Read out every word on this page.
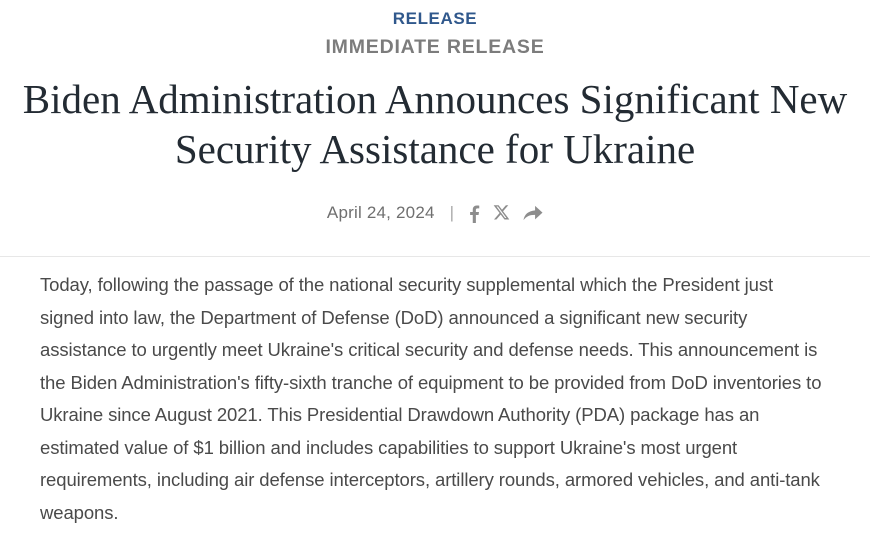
RELEASE
IMMEDIATE RELEASE
Biden Administration Announces Significant New Security Assistance for Ukraine
April 24, 2024 |

Today, following the passage of the national security supplemental which the President just signed into law, the Department of Defense (DoD) announced a significant new security assistance to urgently meet Ukraine's critical security and defense needs. This announcement is the Biden Administration's fifty-sixth tranche of equipment to be provided from DoD inventories to Ukraine since August 2021. This Presidential Drawdown Authority (PDA) package has an estimated value of $1 billion and includes capabilities to support Ukraine's most urgent requirements, including air defense interceptors, artillery rounds, armored vehicles, and anti-tank weapons.
